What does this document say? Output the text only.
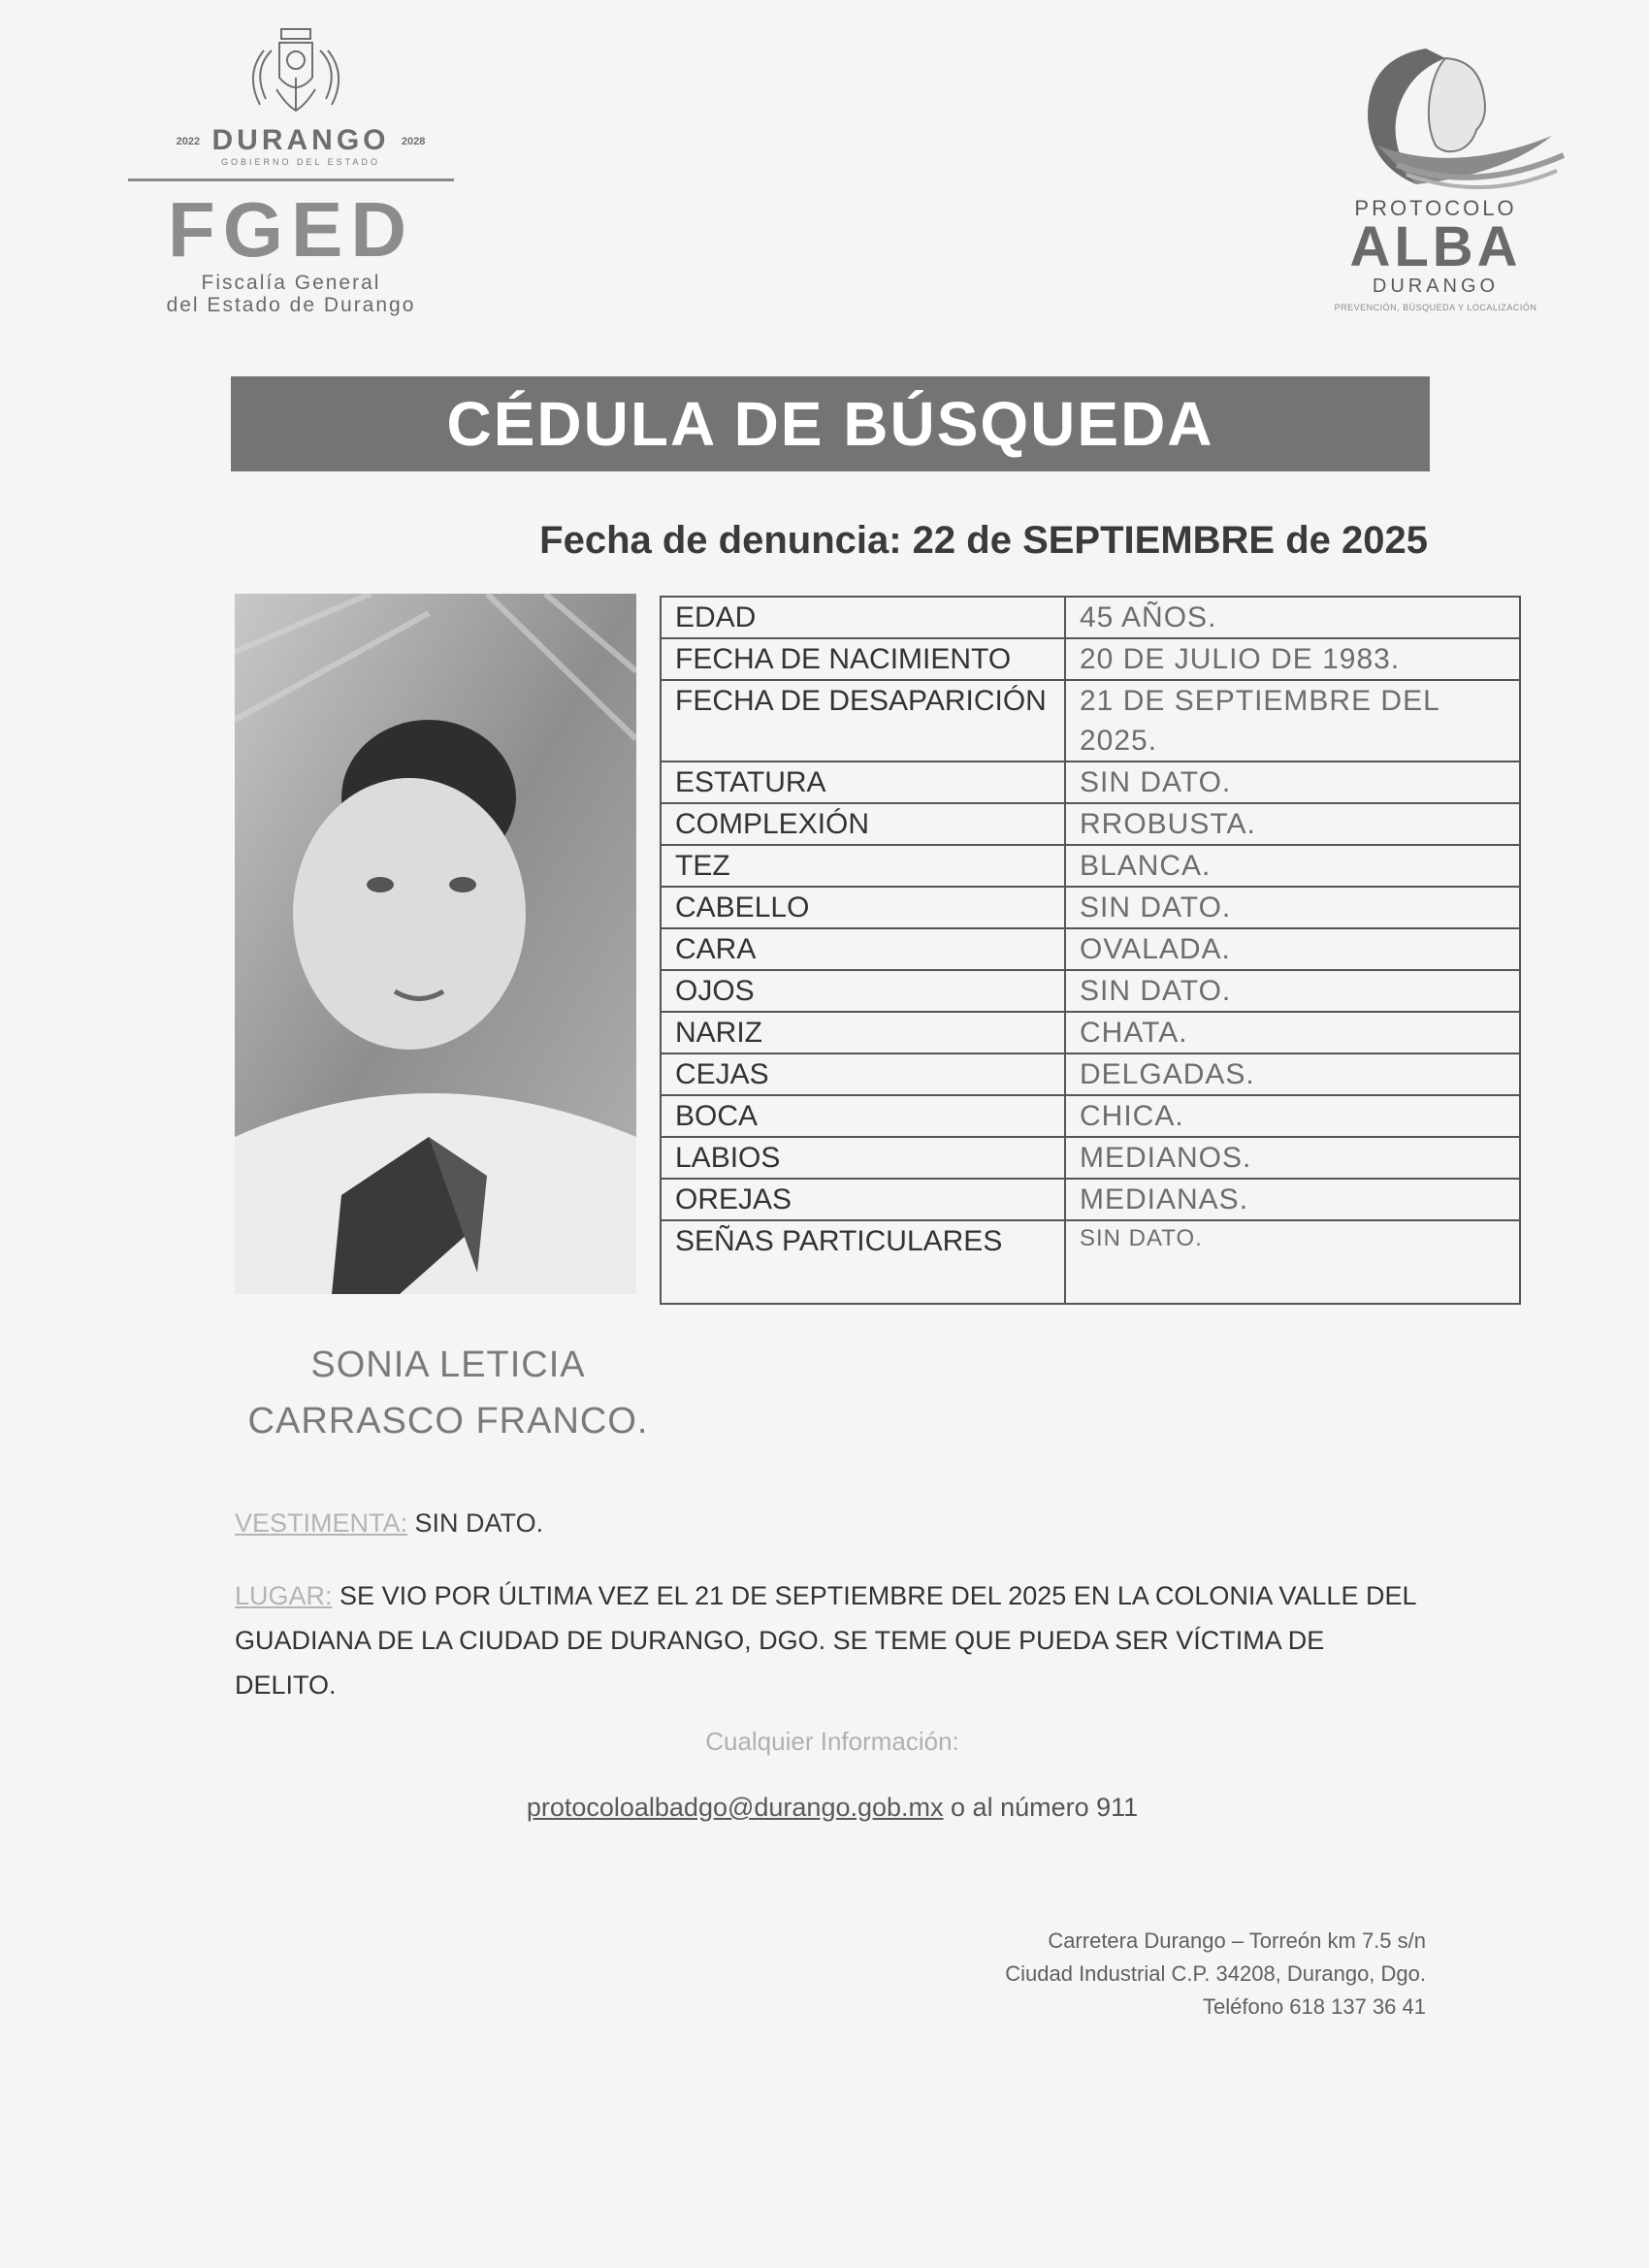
2022 DURANGO 2028
GOBIERNO DEL ESTADO
FGED
Fiscalía General
del Estado de Durango
PROTOCOLO
ALBA
DURANGO
PREVENCIÓN, BÚSQUEDA Y LOCALIZACIÓN
CÉDULA DE BÚSQUEDA
Fecha de denuncia: 22 de SEPTIEMBRE de 2025
EDAD	45 AÑOS.
FECHA DE NACIMIENTO	20 DE JULIO DE 1983.
FECHA DE DESAPARICIÓN	21 DE SEPTIEMBRE DEL 2025.
ESTATURA	SIN DATO.
COMPLEXIÓN	RROBUSTA.
TEZ	BLANCA.
CABELLO	SIN DATO.
CARA	OVALADA.
OJOS	SIN DATO.
NARIZ	CHATA.
CEJAS	DELGADAS.
BOCA	CHICA.
LABIOS	MEDIANOS.
OREJAS	MEDIANAS.
SEÑAS PARTICULARES	SIN DATO.
SONIA LETICIA
CARRASCO FRANCO.
VESTIMENTA: SIN DATO.
LUGAR: SE VIO POR ÚLTIMA VEZ EL 21 DE SEPTIEMBRE DEL 2025 EN LA COLONIA VALLE DEL GUADIANA DE LA CIUDAD DE DURANGO, DGO. SE TEME QUE PUEDA SER VÍCTIMA DE DELITO.
Cualquier Información:
protocoloalbadgo@durango.gob.mx o al número 911
Carretera Durango – Torreón km 7.5 s/n
Ciudad Industrial C.P. 34208, Durango, Dgo.
Teléfono 618 137 36 41
